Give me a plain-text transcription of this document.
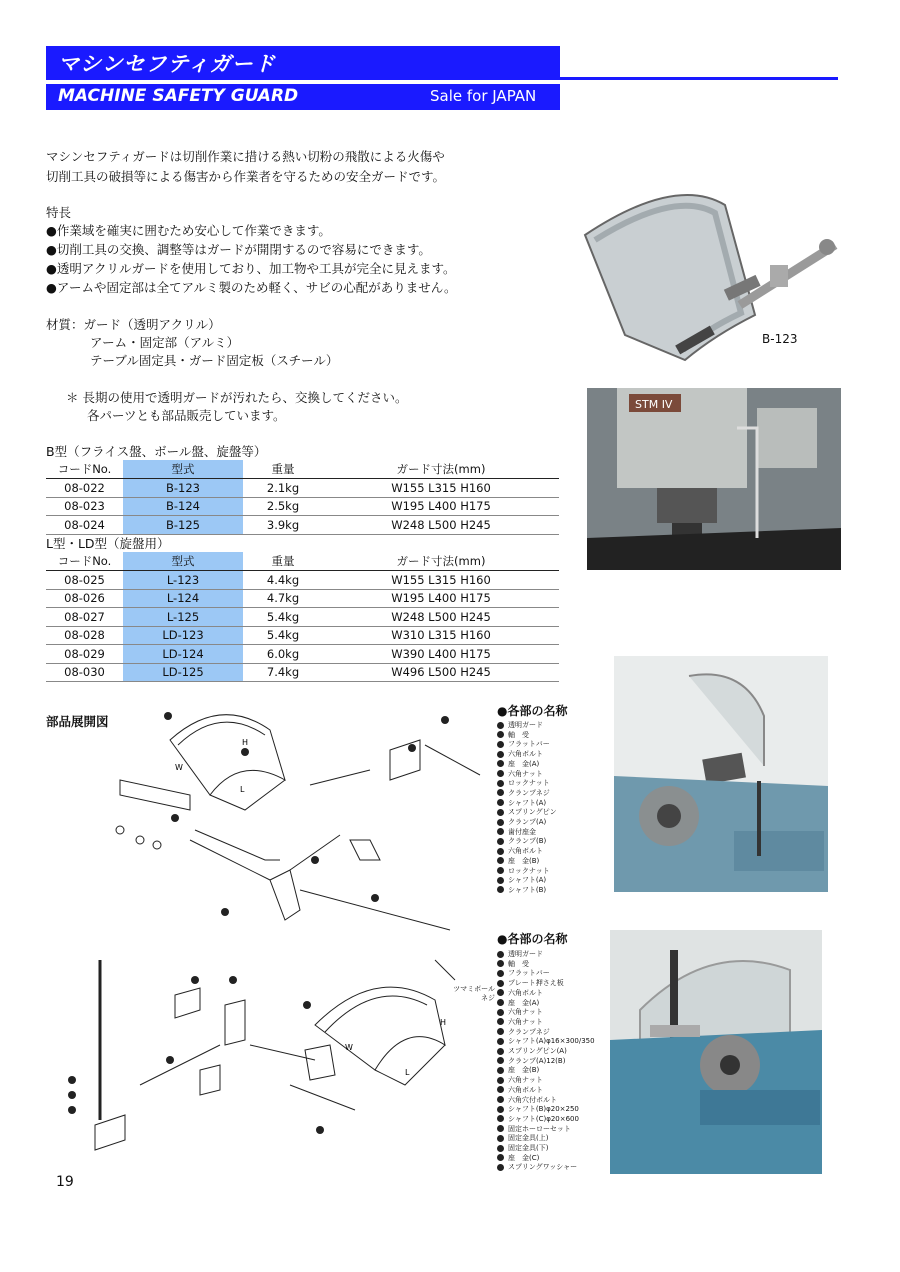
マシンセフティガード
MACHINE SAFETY GUARD	Sale for JAPAN
マシンセフティガードは切削作業に措ける熱い切粉の飛散による火傷や
切削工具の破損等による傷害から作業者を守るための安全ガードです。
特長
●作業域を確実に囲むため安心して作業できます。
●切削工具の交換、調整等はガードが開閉するので容易にできます。
●透明アクリルガードを使用しており、加工物や工具が完全に見えます。
●アームや固定部は全てアルミ製のため軽く、サビの心配がありません。
材質：ガード（透明アクリル）
アーム・固定部（アルミ）
テーブル固定具・ガード固定板（スチール）
＊ 長期の使用で透明ガードが汚れたら、交換してください。
各パーツとも部品販売しています。
B-123
STM IV
B型（フライス盤、ボール盤、旋盤等）
コードNo.	型式	重量	ガード寸法(mm)
08-022	B-123	2.1kg	W155 L315 H160
08-023	B-124	2.5kg	W195 L400 H175
08-024	B-125	3.9kg	W248 L500 H245
L型・LD型（旋盤用）
コードNo.	型式	重量	ガード寸法(mm)
08-025	L-123	4.4kg	W155 L315 H160
08-026	L-124	4.7kg	W195 L400 H175
08-027	L-125	5.4kg	W248 L500 H245
08-028	LD-123	5.4kg	W310 L315 H160
08-029	LD-124	6.0kg	W390 L400 H175
08-030	LD-125	7.4kg	W496 L500 H245
部品展開図
W
L
H
●各部の名称
透明ガード
軸　受
フラットバー
六角ボルト
座　金(A)
六角ナット
ロックナット
クランプネジ
シャフト(A)
スプリングピン
クランプ(A)
歯付座金
クランプ(B)
六角ボルト
座　金(B)
ロックナット
シャフト(A)
シャフト(B)
W
L
H
ツマミボール ネジ
●各部の名称
透明ガード
軸　受
フラットバー
プレート押さえ板
六角ボルト
座　金(A)
六角ナット
六角ナット
クランプネジ
シャフト(A)φ16×300/350
スプリングピン(A)
クランプ(A)12(B)
座　金(B)
六角ナット
六角ボルト
六角穴付ボルト
シャフト(B)φ20×250
シャフト(C)φ20×600
固定ホーローセット
固定金具(上)
固定金具(下)
座　金(C)
スプリングワッシャー
19
